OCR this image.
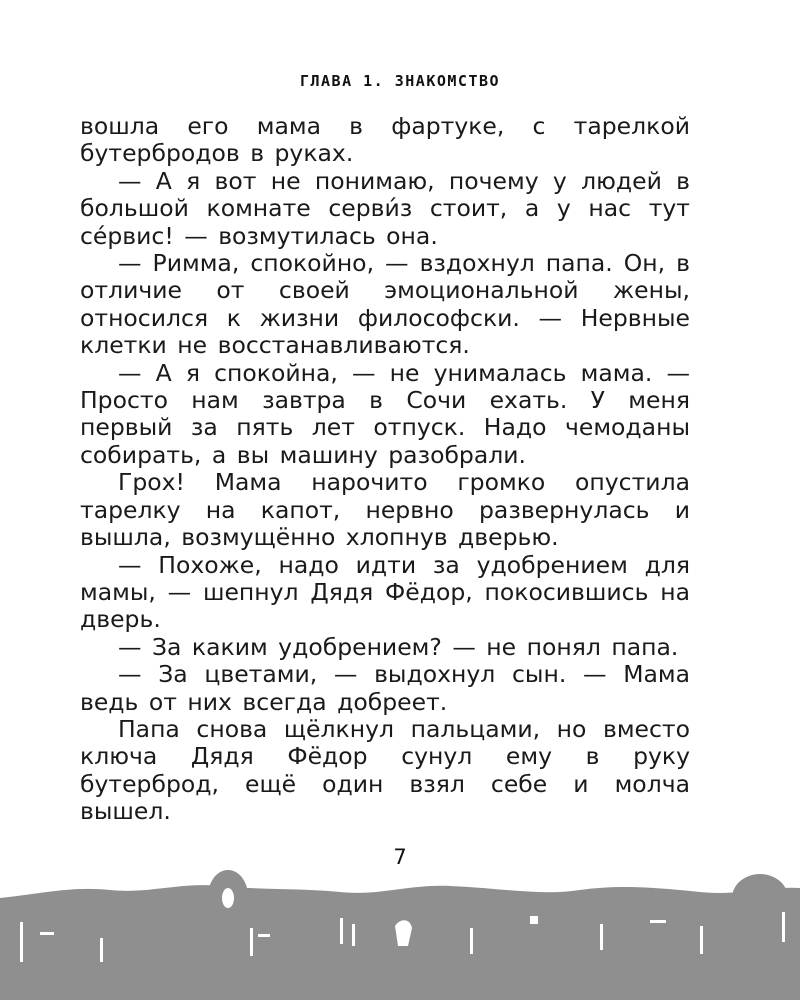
ГЛАВА 1. ЗНАКОМСТВО

вошла его мама в фартуке, с тарелкой бутербродов в руках.

— А я вот не понимаю, почему у людей в большой комнате серви́з стоит, а у нас тут се́рвис! — возмутилась она.

— Римма, спокойно, — вздохнул папа. Он, в отличие от своей эмоциональной жены, относился к жизни философски. — Нервные клетки не восстанавливаются.

— А я спокойна, — не унималась мама. — Просто нам завтра в Сочи ехать. У меня первый за пять лет отпуск. Надо чемоданы собирать, а вы машину разобрали.

Грох! Мама нарочито громко опустила тарелку на капот, нервно развернулась и вышла, возмущённо хлопнув дверью.

— Похоже, надо идти за удобрением для мамы, — шепнул Дядя Фёдор, покосившись на дверь.

— За каким удобрением? — не понял папа.

— За цветами, — выдохнул сын. — Мама ведь от них всегда добреет.

Папа снова щёлкнул пальцами, но вместо ключа Дядя Фёдор сунул ему в руку бутерброд, ещё один взял себе и молча вышел.

7
